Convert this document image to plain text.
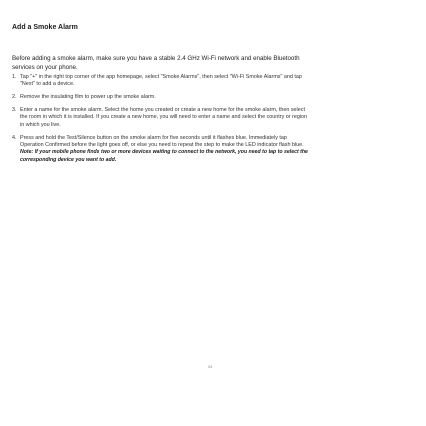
Add a Smoke Alarm
Before adding a smoke alarm, make sure you have a stable 2.4 GHz Wi-Fi network and enable Bluetooth services on your phone.
1. Tap "+" in the right top corner of the app homepage, select "Smoke Alarms", then select "Wi-Fi Smoke Alarms" and tap "Next" to add a device.
2. Remove the insulating film to power up the smoke alarm.
3. Enter a name for the smoke alarm. Select the home you created or create a new home for the smoke alarm, then select the room in which it is installed. If you create a new home, you will need to enter a name and select the country or region in which you live.
4. Press and hold the Test/Silence button on the smoke alarm for five seconds until it flashes blue. Immediately tap Operation Confirmed before the light goes off, or else you need to repeat the step to make the LED indicator flash blue.
Note: If your mobile phone finds two or more devices waiting to connect to the network, you need to tap to select the corresponding device you want to add.
04
